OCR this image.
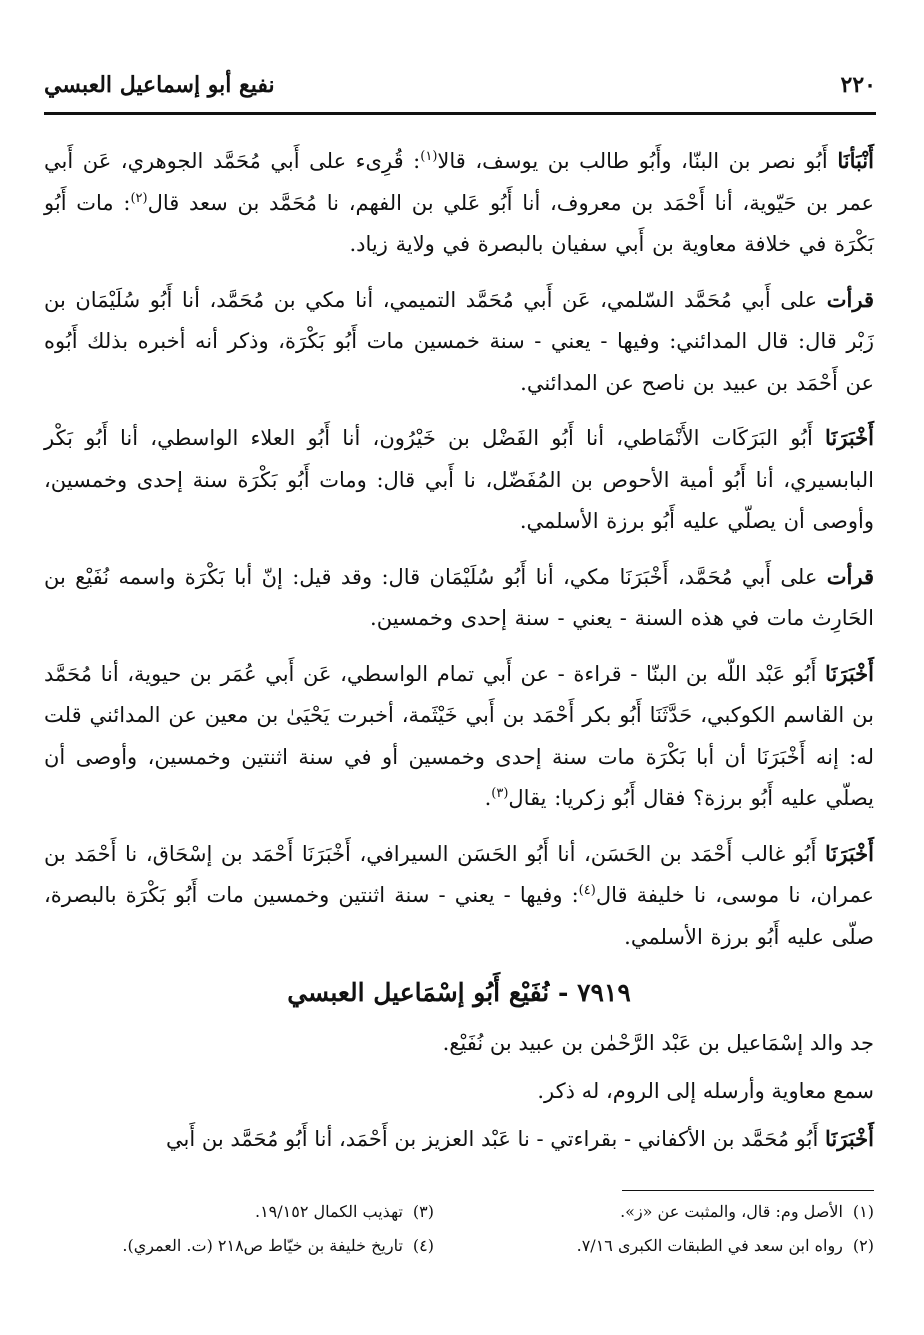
٢٢٠
نفيع أبو إسماعيل العبسي

أَنْبَأنَا أَبُو نصر بن البنّا، وأَبُو طالب بن يوسف، قالا$^{(١)}$: قُرِىء على أَبي مُحَمَّد الجوهري، عَن أَبي عمر بن حَيّوية، أنا أَحْمَد بن معروف، أنا أَبُو عَلي بن الفهم، نا مُحَمَّد بن سعد قال$^{(٢)}$: مات أَبُو بَكْرَة في خلافة معاوية بن أَبي سفيان بالبصرة في ولاية زياد.

قرأت على أَبي مُحَمَّد السّلمي، عَن أَبي مُحَمَّد التميمي، أنا مكي بن مُحَمَّد، أنا أَبُو سُلَيْمَان بن زَبْر قال: قال المدائني: وفيها - يعني - سنة خمسين مات أَبُو بَكْرَة، وذكر أنه أخبره بذلك أَبُوه عن أَحْمَد بن عبيد بن ناصح عن المدائني.

أَخْبَرَنَا أَبُو البَرَكَات الأَنْمَاطي، أنا أَبُو الفَضْل بن خَيْرُون، أنا أَبُو العلاء الواسطي، أنا أَبُو بَكْر البابسيري، أنا أَبُو أمية الأحوص بن المُفَضّل، نا أَبي قال: ومات أَبُو بَكْرَة سنة إحدى وخمسين، وأوصى أن يصلّي عليه أَبُو برزة الأسلمي.

قرأت على أَبي مُحَمَّد، أَخْبَرَنَا مكي، أنا أَبُو سُلَيْمَان قال: وقد قيل: إنّ أبا بَكْرَة واسمه نُفَيْع بن الحَارِث مات في هذه السنة - يعني - سنة إحدى وخمسين.

أَخْبَرَنَا أَبُو عَبْد اللّه بن البنّا - قراءة - عن أَبي تمام الواسطي، عَن أَبي عُمَر بن حيوية، أنا مُحَمَّد بن القاسم الكوكبي، حَدَّثَنَا أَبُو بكر أَحْمَد بن أَبي خَيْثَمة، أخبرت يَحْيَىٰ بن معين عن المدائني قلت له: إنه أَخْبَرَنَا أن أبا بَكْرَة مات سنة إحدى وخمسين أو في سنة اثنتين وخمسين، وأوصى أن يصلّي عليه أَبُو برزة؟ فقال أَبُو زكريا: يقال$^{(٣)}$.

أَخْبَرَنَا أَبُو غالب أَحْمَد بن الحَسَن، أنا أَبُو الحَسَن السيرافي، أَخْبَرَنَا أَحْمَد بن إسْحَاق، نا أَحْمَد بن عمران، نا موسى، نا خليفة قال$^{(٤)}$: وفيها - يعني - سنة اثنتين وخمسين مات أَبُو بَكْرَة بالبصرة، صلّى عليه أَبُو برزة الأسلمي.

٧٩١٩ - نُفَيْع أَبُو إسْمَاعيل العبسي

جد والد إسْمَاعيل بن عَبْد الرَّحْمٰن بن عبيد بن نُفَيْع.

سمع معاوية وأرسله إلى الروم، له ذكر.

أَخْبَرَنَا أَبُو مُحَمَّد بن الأكفاني - بقراءتي - نا عَبْد العزيز بن أَحْمَد، أنا أَبُو مُحَمَّد بن أَبي

(١)الأصل وم: قال، والمثبت عن «ز».
(٣)تهذيب الكمال ١٩/١٥٢.
(٢)رواه ابن سعد في الطبقات الكبرى ٧/١٦.
(٤)تاريخ خليفة بن خيّاط ص٢١٨ (ت. العمري).
